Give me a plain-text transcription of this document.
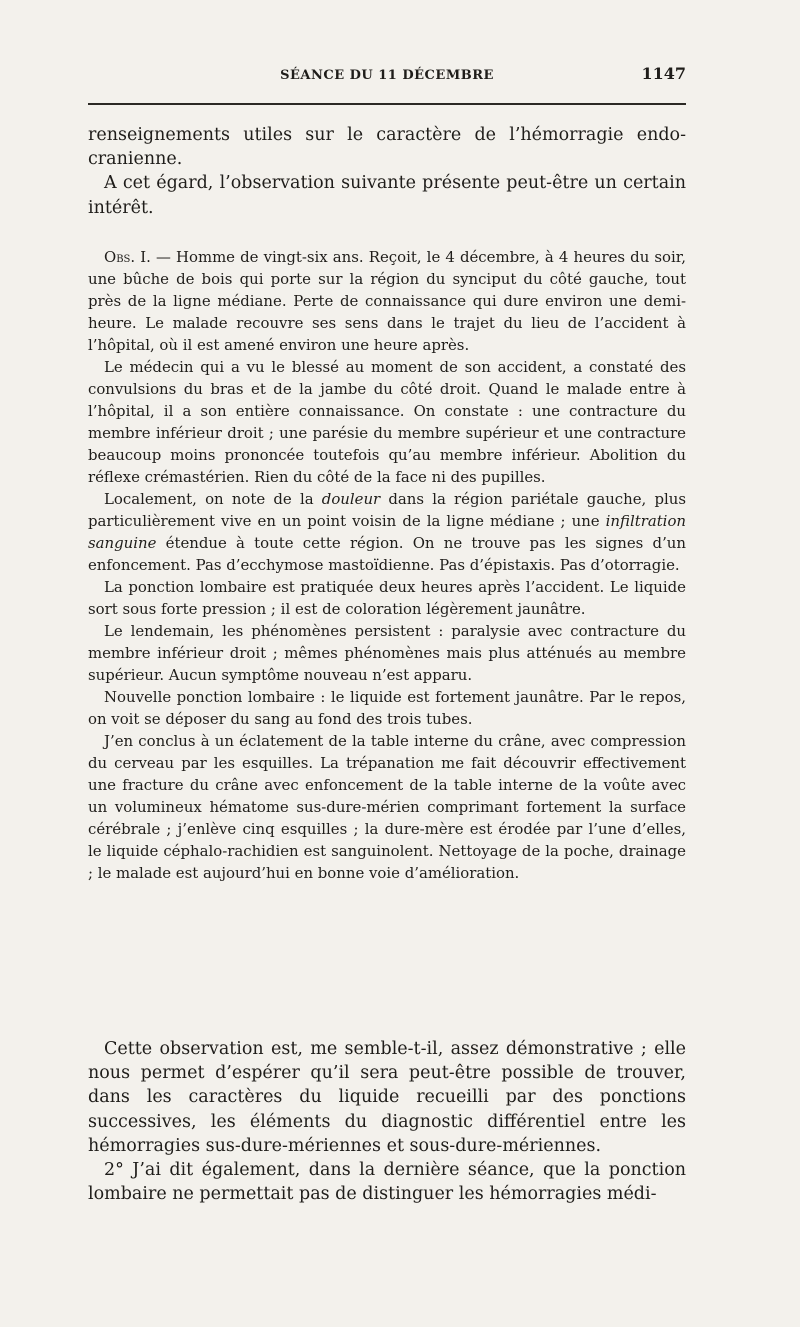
SÉANCE DU 11 DÉCEMBRE	1147

renseignements utiles sur le caractère de l’hémorragie endo-cranienne.

A cet égard, l’observation suivante présente peut-être un certain intérêt.

Obs. I. — Homme de vingt-six ans. Reçoit, le 4 décembre, à 4 heures du soir, une bûche de bois qui porte sur la région du synciput du côté gauche, tout près de la ligne médiane. Perte de connaissance qui dure environ une demi-heure. Le malade recouvre ses sens dans le trajet du lieu de l’accident à l’hôpital, où il est amené environ une heure après.

Le médecin qui a vu le blessé au moment de son accident, a constaté des convulsions du bras et de la jambe du côté droit. Quand le malade entre à l’hôpital, il a son entière connaissance. On constate : une contracture du membre inférieur droit ; une parésie du membre supérieur et une contracture beaucoup moins prononcée toutefois qu’au membre inférieur. Abolition du réflexe crémastérien. Rien du côté de la face ni des pupilles.

Localement, on note de la douleur dans la région pariétale gauche, plus particulièrement vive en un point voisin de la ligne médiane ; une infiltration sanguine étendue à toute cette région. On ne trouve pas les signes d’un enfoncement. Pas d’ecchymose mastoïdienne. Pas d’épistaxis. Pas d’otorragie.

La ponction lombaire est pratiquée deux heures après l’accident. Le liquide sort sous forte pression ; il est de coloration légèrement jaunâtre.

Le lendemain, les phénomènes persistent : paralysie avec contracture du membre inférieur droit ; mêmes phénomènes mais plus atténués au membre supérieur. Aucun symptôme nouveau n’est apparu.

Nouvelle ponction lombaire : le liquide est fortement jaunâtre. Par le repos, on voit se déposer du sang au fond des trois tubes.

J’en conclus à un éclatement de la table interne du crâne, avec compression du cerveau par les esquilles. La trépanation me fait découvrir effectivement une fracture du crâne avec enfoncement de la table interne de la voûte avec un volumineux hématome sus-dure-mérien comprimant fortement la surface cérébrale ; j’enlève cinq esquilles ; la dure-mère est érodée par l’une d’elles, le liquide céphalo-rachidien est sanguinolent. Nettoyage de la poche, drainage ; le malade est aujourd’hui en bonne voie d’amélioration.

Cette observation est, me semble-t-il, assez démonstrative ; elle nous permet d’espérer qu’il sera peut-être possible de trouver, dans les caractères du liquide recueilli par des ponctions successives, les éléments du diagnostic différentiel entre les hémorragies sus-dure-mériennes et sous-dure-mériennes.

2° J’ai dit également, dans la dernière séance, que la ponction lombaire ne permettait pas de distinguer les hémorragies médi-
